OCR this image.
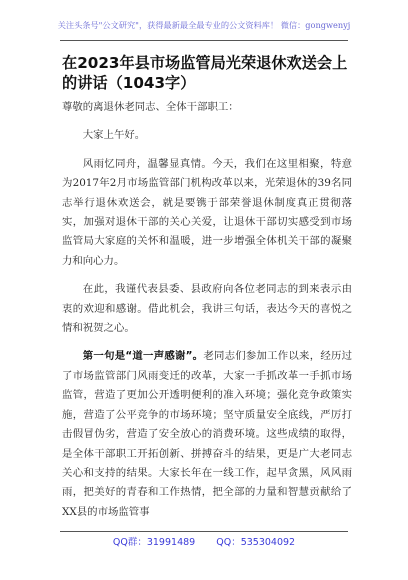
关注头条号"公文研究"，获得最新最全最专业的公文资料库！ 微信：gongwenyj
在2023年县市场监管局光荣退休欢送会上的讲话（1043字）

尊敬的离退休老同志、全体干部职工：

大家上午好。

风雨忆同舟，温馨显真情。今天，我们在这里相聚，特意为2017年2月市场监管部门机构改革以来，光荣退休的39名同志举行退休欢送会，就是要镌于部荣誉退休制度真正贯彻落实，加强对退休干部的关心关爱，让退休干部切实感受到市场监管局大家庭的关怀和温暖，进一步增强全体机关干部的凝聚力和向心力。

在此，我谨代表县委、县政府向各位老同志的到来表示由衷的欢迎和感谢。借此机会，我讲三句话，表达今天的喜悦之情和祝贺之心。

第一句是“道一声感谢”。老同志们参加工作以来，经历过了市场监管部门风雨变迁的改革，大家一手抓改革一手抓市场监管，营造了更加公开透明便利的准入环境；强化竞争政策实施，营造了公平竞争的市场环境；坚守质量安全底线，严厉打击假冒伪劣，营造了安全放心的消费环境。这些成绩的取得，是全体干部职工开拓创新、拼搏奋斗的结果，更是广大老同志关心和支持的结果。大家长年在一线工作，起早贪黑，风风雨雨，把美好的青春和工作热情，把全部的力量和智慧贡献给了XX县的市场监管事

QQ群：31991489 QQ：535304092
